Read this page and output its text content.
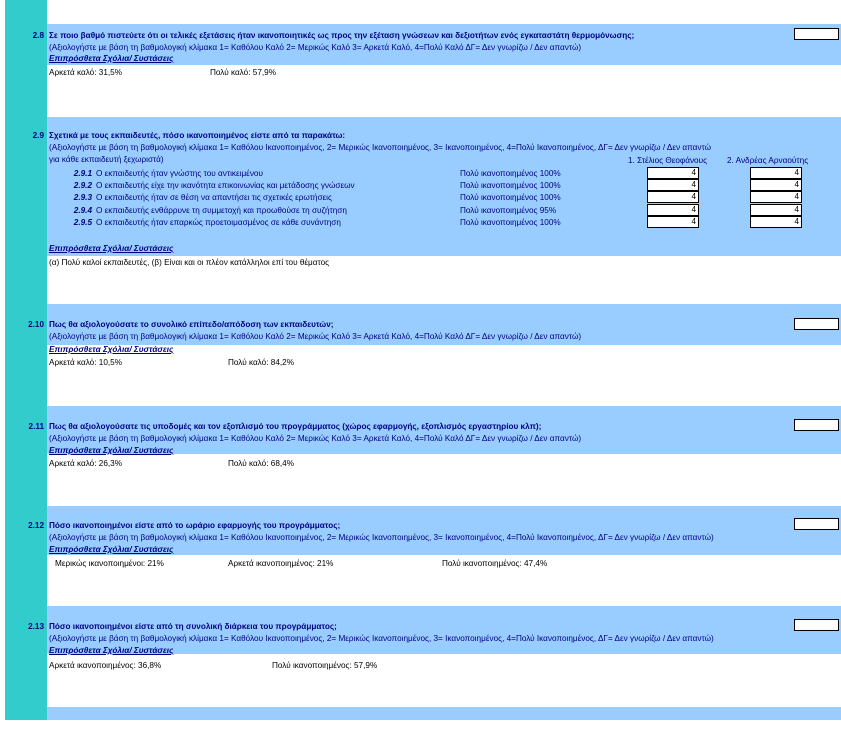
2.8 Σε ποιο βαθμό πιστεύετε ότι οι τελικές εξετάσεις ήταν ικανοποιητικές ως προς την εξέταση γνώσεων και δεξιοτήτων ενός εγκαταστάτη θερμομόνωσης;
(Αξιολογήστε με βάση τη βαθμολογική κλίμακα 1= Καθόλου Καλό 2= Μερικώς Καλό 3= Αρκετά Καλό, 4=Πολύ Καλό ΔΓ= Δεν γνωρίζω / Δεν απαντώ)
Επιπρόσθετα Σχόλια/ Συστάσεις
Αρκετά καλό: 31,5%	Πολύ καλό: 57,9%
2.9 Σχετικά με τους εκπαιδευτές, πόσο ικανοποιημένος είστε από τα παρακάτω:
(Αξιολογήστε με βάση τη βαθμολογική κλίμακα 1= Καθόλου Ικανοποιημένος, 2= Μερικώς Ικανοποιημένος, 3= Ικανοποιημένος, 4=Πολύ Ικανοποιημένος, ΔΓ= Δεν γνωρίζω / Δεν απαντώ
για κάθε εκπαιδευτή ξεχωριστά)	1. Στέλιος Θεοφάνους 2. Ανδρέας Αρναούτης
2.9.1 Ο εκπαιδευτής ήταν γνώστης του αντικειμένου	Πολύ ικανοποιημένος 100%	4	4
2.9.2 Ο εκπαιδευτής είχε την ικανότητα επικοινωνίας και μετάδοσης γνώσεων	Πολύ ικανοποιημένος 100%	4	4
2.9.3 Ο εκπαιδευτής ήταν σε θέση να απαντήσει τις σχετικές ερωτήσεις	Πολύ ικανοποιημένος 100%	4	4
2.9.4 Ο εκπαιδευτής ενθάρρυνε τη συμμετοχή και προωθούσε τη συζήτηση	Πολύ ικανοποιημένος 95%	4	4
2.9.5 Ο εκπαιδευτής ήταν επαρκώς προετοιμασμένος σε κάθε συνάντηση	Πολύ ικανοποιημένος 100%	4	4
Επιπρόσθετα Σχόλια/ Συστάσεις
(α) Πολύ καλοί εκπαιδευτές, (β) Είναι και οι πλέον κατάλληλοι επί του θέματος
2.10 Πως θα αξιολογούσατε το συνολικό επίπεδο/απόδοση των εκπαιδευτών;
(Αξιολογήστε με βάση τη βαθμολογική κλίμακα 1= Καθόλου Καλό 2= Μερικώς Καλό 3= Αρκετά Καλό, 4=Πολύ Καλό ΔΓ= Δεν γνωρίζω / Δεν απαντώ)
Επιπρόσθετα Σχόλια/ Συστάσεις
Αρκετά καλό: 10,5%	Πολύ καλό: 84,2%
2.11 Πως θα αξιολογούσατε τις υποδομές και τον εξοπλισμό του προγράμματος (χώρος εφαρμογής, εξοπλισμός εργαστηρίου κλπ);
(Αξιολογήστε με βάση τη βαθμολογική κλίμακα 1= Καθόλου Καλό 2= Μερικώς Καλό 3= Αρκετά Καλό, 4=Πολύ Καλό ΔΓ= Δεν γνωρίζω / Δεν απαντώ)
Επιπρόσθετα Σχόλια/ Συστάσεις
Αρκετά καλό: 26,3%	Πολύ καλό: 68,4%
2.12 Πόσο ικανοποιημένοι είστε από το ωράριο εφαρμογής του προγράμματος;
(Αξιολογήστε με βάση τη βαθμολογική κλίμακα 1= Καθόλου Ικανοποιημένος, 2= Μερικώς Ικανοποιημένος, 3= Ικανοποιημένος, 4=Πολύ Ικανοποιημένος, ΔΓ= Δεν γνωρίζω / Δεν απαντώ)
Επιπρόσθετα Σχόλια/ Συστάσεις
Μερικώς ικανοποιημένοι: 21%	Αρκετά ικανοποιημένος: 21%	Πολύ ικανοποιημένος: 47,4%
2.13 Πόσο ικανοποιημένοι είστε από τη συνολική διάρκεια του προγράμματος;
(Αξιολογήστε με βάση τη βαθμολογική κλίμακα 1= Καθόλου Ικανοποιημένος, 2= Μερικώς Ικανοποιημένος, 3= Ικανοποιημένος, 4=Πολύ Ικανοποιημένος, ΔΓ= Δεν γνωρίζω / Δεν απαντώ)
Επιπρόσθετα Σχόλια/ Συστάσεις
Αρκετά ικανοποιημένος: 36,8%	Πολύ ικανοποιημένος: 57,9%
